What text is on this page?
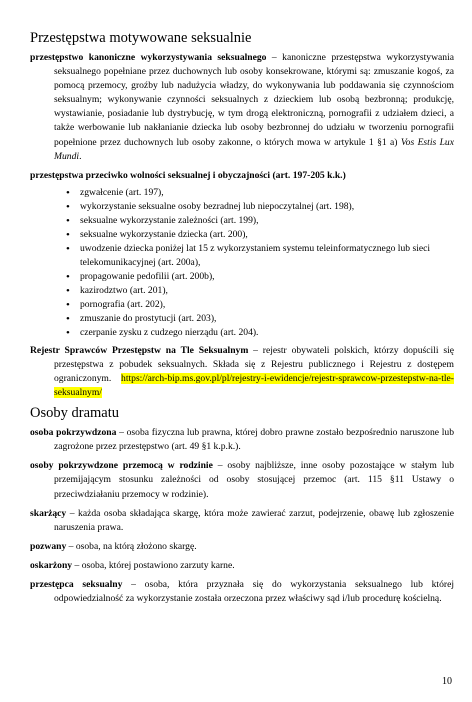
Przestępstwa motywowane seksualnie

przestępstwo kanoniczne wykorzystywania seksualnego – kanoniczne przestępstwa wykorzystywania seksualnego popełniane przez duchownych lub osoby konsekrowane, którymi są: zmuszanie kogoś, za pomocą przemocy, groźby lub nadużycia władzy, do wykonywania lub poddawania się czynnościom seksualnym; wykonywanie czynności seksualnych z dzieckiem lub osobą bezbronną; produkcję, wystawianie, posiadanie lub dystrybucję, w tym drogą elektroniczną, pornografii z udziałem dzieci, a także werbowanie lub nakłanianie dziecka lub osoby bezbronnej do udziału w tworzeniu pornografii popełnione przez duchownych lub osoby zakonne, o których mowa w artykule 1 §1 a) Vos Estis Lux Mundi.

przestępstwa przeciwko wolności seksualnej i obyczajności (art. 197-205 k.k.)

• zgwałcenie (art. 197),
• wykorzystanie seksualne osoby bezradnej lub niepoczytalnej (art. 198),
• seksualne wykorzystanie zależności (art. 199),
• seksualne wykorzystanie dziecka (art. 200),
• uwodzenie dziecka poniżej lat 15 z wykorzystaniem systemu teleinformatycznego lub sieci telekomunikacyjnej (art. 200a),
• propagowanie pedofilii (art. 200b),
• kazirodztwo (art. 201),
• pornografia (art. 202),
• zmuszanie do prostytucji (art. 203),
• czerpanie zysku z cudzego nierządu (art. 204).

Rejestr Sprawców Przestępstw na Tle Seksualnym – rejestr obywateli polskich, którzy dopuścili się przestępstwa z pobudek seksualnych. Składa się z Rejestru publicznego i Rejestru z dostępem ograniczonym. https://arch-bip.ms.gov.pl/pl/rejestry-i-ewidencje/rejestr-sprawcow-przestepstw-na-tle-seksualnym/

Osoby dramatu

osoba pokrzywdzona – osoba fizyczna lub prawna, której dobro prawne zostało bezpośrednio naruszone lub zagrożone przez przestępstwo (art. 49 §1 k.p.k.).

osoby pokrzywdzone przemocą w rodzinie – osoby najbliższe, inne osoby pozostające w stałym lub przemijającym stosunku zależności od osoby stosującej przemoc (art. 115 §11 Ustawy o przeciwdziałaniu przemocy w rodzinie).

skarżący – każda osoba składająca skargę, która może zawierać zarzut, podejrzenie, obawę lub zgłoszenie naruszenia prawa.

pozwany – osoba, na którą złożono skargę.

oskarżony – osoba, której postawiono zarzuty karne.

przestępca seksualny – osoba, która przyznała się do wykorzystania seksualnego lub której odpowiedzialność za wykorzystanie została orzeczona przez właściwy sąd i/lub procedurę kościelną.

10
